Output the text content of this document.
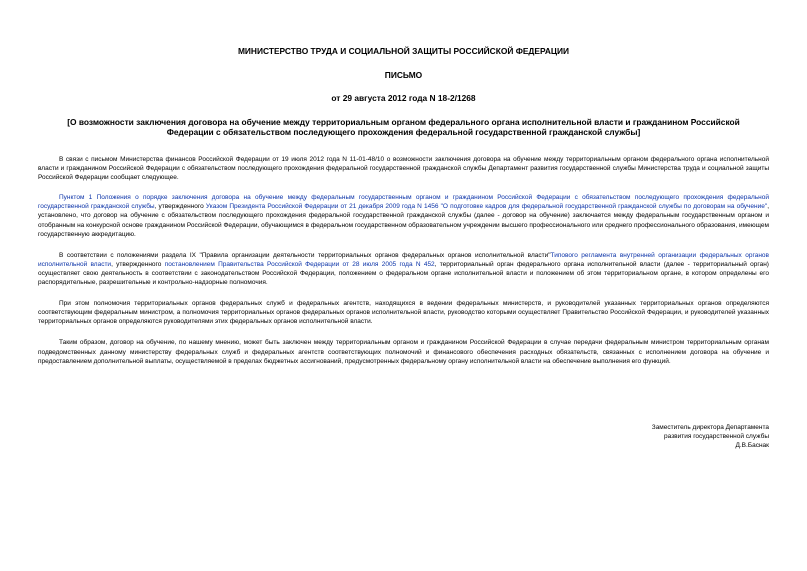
МИНИСТЕРСТВО ТРУДА И СОЦИАЛЬНОЙ ЗАЩИТЫ РОССИЙСКОЙ ФЕДЕРАЦИИ

ПИСЬМО

от 29 августа 2012 года N 18-2/1268

[О возможности заключения договора на обучение между территориальным органом федерального органа исполнительной власти и гражданином Российской Федерации с обязательством последующего прохождения федеральной государственной гражданской службы]

В связи с письмом Министерства финансов Российской Федерации от 19 июля 2012 года N 11-01-48/10 о возможности заключения договора на обучение между территориальным органом федерального органа исполнительной власти и гражданином Российской Федерации с обязательством последующего прохождения федеральной государственной гражданской службы Департамент развития государственной службы Министерства труда и социальной защиты Российской Федерации сообщает следующее.

Пунктом 1 Положения о порядке заключения договора на обучение между федеральным государственным органом и гражданином Российской Федерации с обязательством последующего прохождения федеральной государственной гражданской службы, утвержденного Указом Президента Российской Федерации от 21 декабря 2009 года N 1456 "О подготовке кадров для федеральной государственной гражданской службы по договорам на обучение", установлено, что договор на обучение с обязательством последующего прохождения федеральной государственной гражданской службы (далее - договор на обучение) заключается между федеральным государственным органом и отобранным на конкурсной основе гражданином Российской Федерации, обучающимся в федеральном государственном образовательном учреждении высшего профессионального или среднего профессионального образования, имеющем государственную аккредитацию.

В соответствии с положениями раздела IX "Правила организации деятельности территориальных органов федеральных органов исполнительной власти"Типового регламента внутренней организации федеральных органов исполнительной власти, утвержденного постановлением Правительства Российской Федерации от 28 июля 2005 года N 452, территориальный орган федерального органа исполнительной власти (далее - территориальный орган) осуществляет свою деятельность в соответствии с законодательством Российской Федерации, положением о федеральном органе исполнительной власти и положением об этом территориальном органе, в котором определены его распорядительные, разрешительные и контрольно-надзорные полномочия.

При этом полномочия территориальных органов федеральных служб и федеральных агентств, находящихся в ведении федеральных министерств, и руководителей указанных территориальных органов определяются соответствующим федеральным министром, а полномочия территориальных органов федеральных органов исполнительной власти, руководство которыми осуществляет Правительство Российской Федерации, и руководителей указанных территориальных органов определяются руководителями этих федеральных органов исполнительной власти.

Таким образом, договор на обучение, по нашему мнению, может быть заключен между территориальным органом и гражданином Российской Федерации в случае передачи федеральным министром территориальным органам подведомственных данному министерству федеральных служб и федеральных агентств соответствующих полномочий и финансового обеспечения расходных обязательств, связанных с исполнением договора на обучение и предоставлением дополнительной выплаты, осуществляемой в пределах бюджетных ассигнований, предусмотренных федеральному органу исполнительной власти на обеспечение выполнения его функций.

Заместитель директора Департамента
развития государственной службы
Д.В.Баснак
